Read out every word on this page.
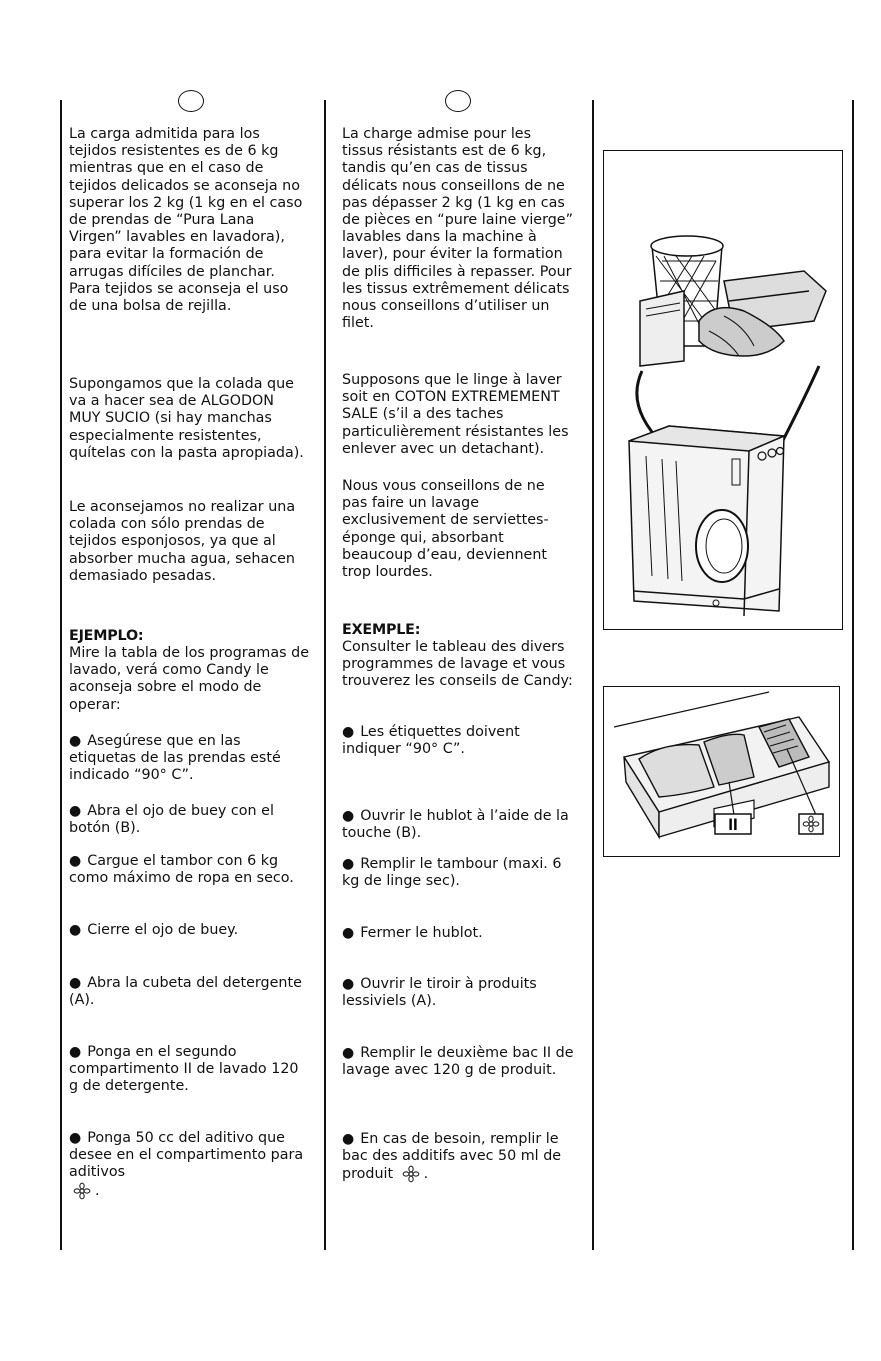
La carga admitida para los tejidos resistentes es de 6 kg mientras que en el caso de tejidos delicados se aconseja no superar los 2 kg (1 kg en el caso de prendas de “Pura Lana Virgen” lavables en lavadora), para evitar la formación de arrugas difíciles de planchar. Para tejidos se aconseja el uso de una bolsa de rejilla.

Supongamos que la colada que va a hacer sea de ALGODON MUY SUCIO (si hay manchas especialmente resistentes, quítelas con la pasta apropiada).

Le aconsejamos no realizar una colada con sólo prendas de tejidos esponjosos, ya que al absorber mucha agua, sehacen demasiado pesadas.

EJEMPLO:

Mire la tabla de los programas de lavado, verá como Candy le aconseja sobre el modo de operar:

● Asegúrese que en las etiquetas de las prendas esté indicado “90° C”.

● Abra el ojo de buey con el botón (B).

● Cargue el tambor con 6 kg como máximo de ropa en seco.

● Cierre el ojo de buey.

● Abra la cubeta del detergente (A).

● Ponga en el segundo compartimento II de lavado 120 g de detergente.

● Ponga 50 cc del aditivo que desee en el compartimento para aditivos
.

La charge admise pour les tissus résistants est de 6 kg, tandis qu’en cas de tissus délicats nous conseillons de ne pas dépasser 2 kg (1 kg en cas de pièces en “pure laine vierge” lavables dans la machine à laver), pour éviter la formation de plis difficiles à repasser. Pour les tissus extrêmement délicats nous conseillons d’utiliser un filet.

Supposons que le linge à laver soit en COTON EXTREMEMENT SALE (s’il a des taches particulièrement résistantes les enlever avec un detachant).

Nous vous conseillons de ne pas faire un lavage exclusivement de serviettes-éponge qui, absorbant beaucoup d’eau, deviennent trop lourdes.

EXEMPLE:

Consulter le tableau des divers programmes de lavage et vous trouverez les conseils de Candy:

● Les étiquettes doivent indiquer “90° C”.

● Ouvrir le hublot à l’aide de la touche (B).

● Remplir le tambour (maxi. 6 kg de linge sec).

● Fermer le hublot.

● Ouvrir le tiroir à produits lessiviels (A).

● Remplir le deuxième bac II de lavage avec 120 g de produit.

● En cas de besoin, remplir le bac des additifs avec 50 ml de produit .

II
